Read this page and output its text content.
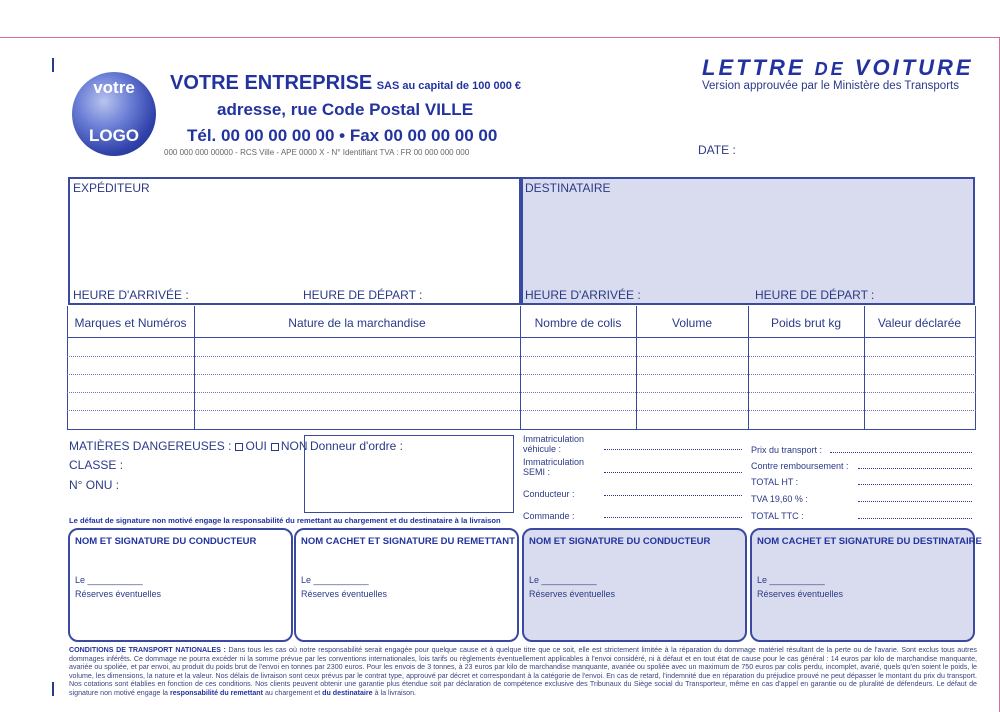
votre
LOGO
VOTRE ENTREPRISE SAS au capital de 100 000 €
adresse, rue Code Postal VILLE
Tél. 00 00 00 00 00 • Fax 00 00 00 00 00
000 000 000 00000 - RCS Ville - APE 0000 X - N° Identifiant TVA : FR 00 000 000 000
LETTRE DE VOITURE
Version approuvée par le Ministère des Transports
DATE :
EXPÉDITEUR
HEURE D'ARRIVÉE :	HEURE DE DÉPART :
DESTINATAIRE
HEURE D'ARRIVÉE :	HEURE DE DÉPART :
Marques et Numéros	Nature de la marchandise	Nombre de colis	Volume	Poids brut kg	Valeur déclarée
MATIÈRES DANGEREUSES : OUI NON
CLASSE :
N° ONU :
Donneur d'ordre :	Immatriculation
véhicule :
Immatriculation
SEMI :
Conducteur :
Commande :
Prix du transport :
Contre remboursement :
TOTAL HT :
TVA 19,60 % :
TOTAL TTC :
Le défaut de signature non motivé engage la responsabilité du remettant au chargement et du destinataire à la livraison
NOM ET SIGNATURE DU CONDUCTEUR
Le ___________
Réserves éventuelles
NOM CACHET ET SIGNATURE DU REMETTANT
Le ___________
Réserves éventuelles
NOM ET SIGNATURE DU CONDUCTEUR
Le ___________
Réserves éventuelles
NOM CACHET ET SIGNATURE DU DESTINATAIRE
Le ___________
Réserves éventuelles
CONDITIONS DE TRANSPORT NATIONALES : Dans tous les cas où notre responsabilité serait engagée pour quelque cause et à quelque titre que ce soit, elle est strictement limitée à la réparation du dommage matériel résultant de la perte ou de l'avarie. Sont exclus tous autres dommages inférêts. Ce dommage ne pourra excéder ni la somme prévue par les conventions internationales, lois tarifs ou règlements éventuellement applicables à l'envoi considéré, ni à défaut et en tout état de cause pour le cas général : 14 euros par kilo de marchandise manquante, avariée ou spoliée, et par envoi, au produit du poids brut de l'envoi en tonnes par 2300 euros. Pour les envois de 3 tonnes, à 23 euros par kilo de marchandise manquante, avariée ou spoliée avec un maximum de 750 euros par colis perdu, incomplet, avarié, quels qu'en soient le poids, le volume, les dimensions, la nature et la valeur. Nos délais de livraison sont ceux prévus par le contrat type, approuvé par décret et correspondant à la catégorie de l'envoi. En cas de retard, l'indemnité due en réparation du préjudice prouvé ne peut dépasser le montant du prix du transport. Nos cotations sont établies en fonction de ces conditions. Nos clients peuvent obtenir une garantie plus étendue soit par déclaration de compétence exclusive des Tribunaux du Siège social du Transporteur, même en cas d'appel en garantie ou de pluralité de défendeurs. Le défaut de signature non motivé engage la responsabilité du remettant au chargement et du destinataire à la livraison.
